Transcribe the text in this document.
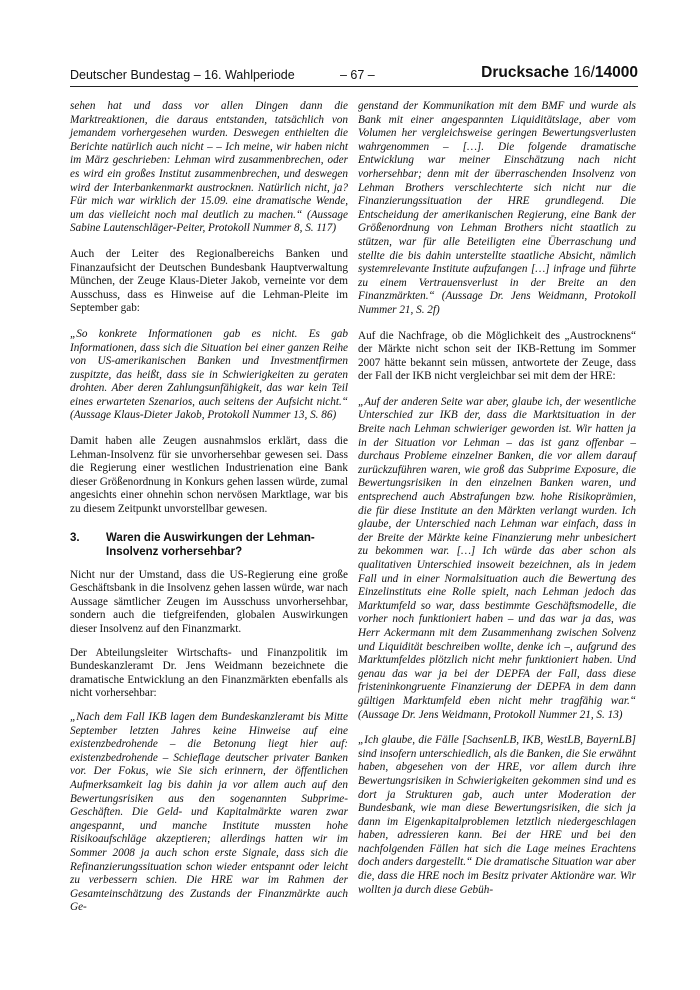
Deutscher Bundestag – 16. Wahlperiode	– 67 –	Drucksache 16/14000

sehen hat und dass vor allen Dingen dann die Marktreaktionen, die daraus entstanden, tatsächlich von jemandem vorhergesehen wurden. Deswegen enthielten die Berichte natürlich auch nicht – – Ich meine, wir haben nicht im März geschrieben: Lehman wird zusammenbrechen, oder es wird ein großes Institut zusammenbrechen, und deswegen wird der Interbankenmarkt austrocknen. Natürlich nicht, ja? Für mich war wirklich der 15.09. eine dramatische Wende, um das vielleicht noch mal deutlich zu machen.“ (Aussage Sabine Lautenschläger-Peiter, Protokoll Nummer 8, S. 117)

Auch der Leiter des Regionalbereichs Banken und Finanzaufsicht der Deutschen Bundesbank Hauptverwaltung München, der Zeuge Klaus-Dieter Jakob, verneinte vor dem Ausschuss, dass es Hinweise auf die Lehman-Pleite im September gab:

„So konkrete Informationen gab es nicht. Es gab Informationen, dass sich die Situation bei einer ganzen Reihe von US-amerikanischen Banken und Investmentfirmen zuspitzte, das heißt, dass sie in Schwierigkeiten zu geraten drohten. Aber deren Zahlungsunfähigkeit, das war kein Teil eines erwarteten Szenarios, auch seitens der Aufsicht nicht.“ (Aussage Klaus-Dieter Jakob, Protokoll Nummer 13, S. 86)

Damit haben alle Zeugen ausnahmslos erklärt, dass die Lehman-Insolvenz für sie unvorhersehbar gewesen sei. Dass die Regierung einer westlichen Industrienation eine Bank dieser Größenordnung in Konkurs gehen lassen würde, zumal angesichts einer ohnehin schon nervösen Marktlage, war bis zu diesem Zeitpunkt unvorstellbar gewesen.

3.	Waren die Auswirkungen der Lehman-Insolvenz vorhersehbar?

Nicht nur der Umstand, dass die US-Regierung eine große Geschäftsbank in die Insolvenz gehen lassen würde, war nach Aussage sämtlicher Zeugen im Ausschuss unvorhersehbar, sondern auch die tiefgreifenden, globalen Auswirkungen dieser Insolvenz auf den Finanzmarkt.

Der Abteilungsleiter Wirtschafts- und Finanzpolitik im Bundeskanzleramt Dr. Jens Weidmann bezeichnete die dramatische Entwicklung an den Finanzmärkten ebenfalls als nicht vorhersehbar:

„Nach dem Fall IKB lagen dem Bundeskanzleramt bis Mitte September letzten Jahres keine Hinweise auf eine existenzbedrohende – die Betonung liegt hier auf: existenzbedrohende – Schieflage deutscher privater Banken vor. Der Fokus, wie Sie sich erinnern, der öffentlichen Aufmerksamkeit lag bis dahin ja vor allem auch auf den Bewertungsrisiken aus den sogenannten Subprime-Geschäften. Die Geld- und Kapitalmärkte waren zwar angespannt, und manche Institute mussten hohe Risikoaufschläge akzeptieren; allerdings hatten wir im Sommer 2008 ja auch schon erste Signale, dass sich die Refinanzierungssituation schon wieder entspannt oder leicht zu verbessern schien. Die HRE war im Rahmen der Gesamteinschätzung des Zustands der Finanzmärkte auch Ge-

genstand der Kommunikation mit dem BMF und wurde als Bank mit einer angespannten Liquiditätslage, aber vom Volumen her vergleichsweise geringen Bewertungsverlusten wahrgenommen – […]. Die folgende dramatische Entwicklung war meiner Einschätzung nach nicht vorhersehbar; denn mit der überraschenden Insolvenz von Lehman Brothers verschlechterte sich nicht nur die Finanzierungssituation der HRE grundlegend. Die Entscheidung der amerikanischen Regierung, eine Bank der Größenordnung von Lehman Brothers nicht staatlich zu stützen, war für alle Beteiligten eine Überraschung und stellte die bis dahin unterstellte staatliche Absicht, nämlich systemrelevante Institute aufzufangen […] infrage und führte zu einem Vertrauensverlust in der Breite an den Finanzmärkten.“ (Aussage Dr. Jens Weidmann, Protokoll Nummer 21, S. 2f)

Auf die Nachfrage, ob die Möglichkeit des „Austrocknens“ der Märkte nicht schon seit der IKB-Rettung im Sommer 2007 hätte bekannt sein müssen, antwortete der Zeuge, dass der Fall der IKB nicht vergleichbar sei mit dem der HRE:

„Auf der anderen Seite war aber, glaube ich, der wesentliche Unterschied zur IKB der, dass die Marktsituation in der Breite nach Lehman schwieriger geworden ist. Wir hatten ja in der Situation vor Lehman – das ist ganz offenbar – durchaus Probleme einzelner Banken, die vor allem darauf zurückzuführen waren, wie groß das Subprime Exposure, die Bewertungsrisiken in den einzelnen Banken waren, und entsprechend auch Abstrafungen bzw. hohe Risikoprämien, die für diese Institute an den Märkten verlangt wurden. Ich glaube, der Unterschied nach Lehman war einfach, dass in der Breite der Märkte keine Finanzierung mehr unbesichert zu bekommen war. […] Ich würde das aber schon als qualitativen Unterschied insoweit bezeichnen, als in jedem Fall und in einer Normalsituation auch die Bewertung des Einzelinstituts eine Rolle spielt, nach Lehman jedoch das Marktumfeld so war, dass bestimmte Geschäftsmodelle, die vorher noch funktioniert haben – und das war ja das, was Herr Ackermann mit dem Zusammenhang zwischen Solvenz und Liquidität beschreiben wollte, denke ich –, aufgrund des Marktumfeldes plötzlich nicht mehr funktioniert haben. Und genau das war ja bei der DEPFA der Fall, dass diese fristeninkongruente Finanzierung der DEPFA in dem dann gültigen Marktumfeld eben nicht mehr tragfähig war.“ (Aussage Dr. Jens Weidmann, Protokoll Nummer 21, S. 13)

„Ich glaube, die Fälle [SachsenLB, IKB, WestLB, BayernLB] sind insofern unterschiedlich, als die Banken, die Sie erwähnt haben, abgesehen von der HRE, vor allem durch ihre Bewertungsrisiken in Schwierigkeiten gekommen sind und es dort ja Strukturen gab, auch unter Moderation der Bundesbank, wie man diese Bewertungsrisiken, die sich ja dann im Eigenkapitalproblemen letztlich niedergeschlagen haben, adressieren kann. Bei der HRE und bei den nachfolgenden Fällen hat sich die Lage meines Erachtens doch anders dargestellt.“ Die dramatische Situation war aber die, dass die HRE noch im Besitz privater Aktionäre war. Wir wollten ja durch diese Gebüh-
